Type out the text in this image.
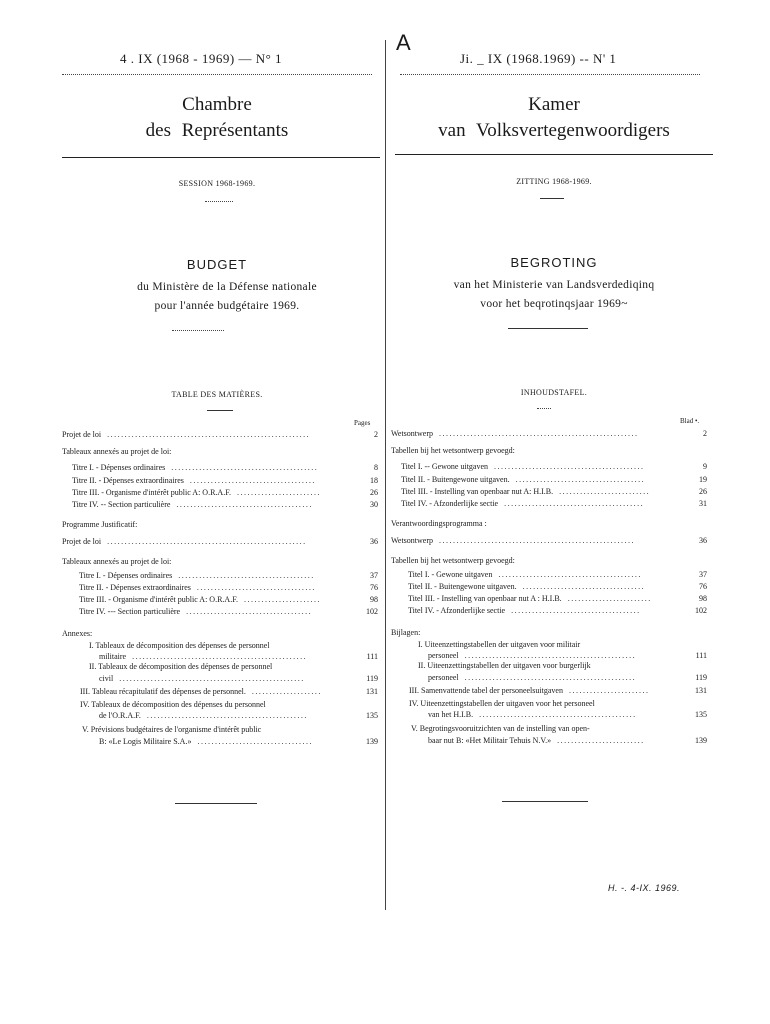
4 . IX (1968 - 1969) — N° 1	Ji. _ IX (1968.1969) -- N' 1
A
Chambre
des Représentants
Kamer
van Volksvertegenwoordigers
SESSION 1968-1969.	ZITTING 1968-1969.
BUDGET	BEGROTING
du Ministère de la Défense nationale
pour l'année budgétaire 1969.
van het Ministerie van Landsverdediqinq
voor het beqrotinqsjaar 1969~
TABLE DES MATIÈRES.	INHOUDSTAFEL.
Pages	Blad •.
Projet de loi	2
..........................................................
Tableaux annexés au projet de loi:
Titre I. - Dépenses ordinaires	8
..........................................
Titre II. - Dépenses extraordinaires	18
....................................
Titre III. - Organisme d'intérêt public A: O.R.A.F.	26
........................
Titre IV. -- Section particulière	30
.......................................
Programme Justificatif:
Projet de loi	36
.........................................................
Tableaux annexés au projet de loi:
Titre I. - Dépenses ordinaires	37
.......................................
Titre II. - Dépenses extraordinaires	76
..................................
Titre III. - Organisme d'intérêt public A: O.R.A.F.	98
......................
Titre IV. --- Section particulière	102
....................................
Annexes:
I. Tableaux de décomposition des dépenses de personnel
militaire	111
..................................................
II. Tableaux de décomposition des dépenses de personnel
civil	119
.....................................................
III. Tableau récapitulatif des dépenses de personnel.	131
....................
IV. Tableaux de décomposition des dépenses du personnel
de l'O.R.A.F.	135
..............................................
V. Prévisions budgétaires de l'organisme d'intérêt public
B: «Le Logis Militaire S.A.»	139
.................................
Wetsontwerp	2
.........................................................
Tabellen bij het wetsontwerp gevoegd:
Titel I. -- Gewone uitgaven	9
...........................................
Titel II. - Buitengewone uitgaven.	19
.....................................
Titel III. - Instelling van openbaar nut A: H.I.B.	26
..........................
Titel IV. - Afzonderlijke sectie	31
........................................
Verantwoordingsprogramma :
Wetsontwerp	36
........................................................
Tabellen bij het wetsontwerp gevoegd:
Titel I. - Gewone uitgaven	37
.........................................
Titel II. - Buitengewone uitgaven.	76
...................................
Titel III. - Instelling van openbaar nut A : H.I.B.	98
........................
Titel IV. - Afzonderlijke sectie	102
.....................................
Bijlagen:
I. Uiteenzettingstabellen der uitgaven voor militair
personeel	111
.................................................
II. Uiteenzettingstabellen der uitgaven voor burgerlijk
personeel	119
.................................................
III. Samenvattende tabel der personeelsuitgaven	131
.......................
IV. Uiteenzettingstabellen der uitgaven voor het personeel
van het H.I.B.	135
.............................................
V. Begrotingsvooruitzichten van de instelling van open-
baar nut B: «Het Militair Tehuis N.V.»	139
.........................
H. -. 4-IX. 1969.
